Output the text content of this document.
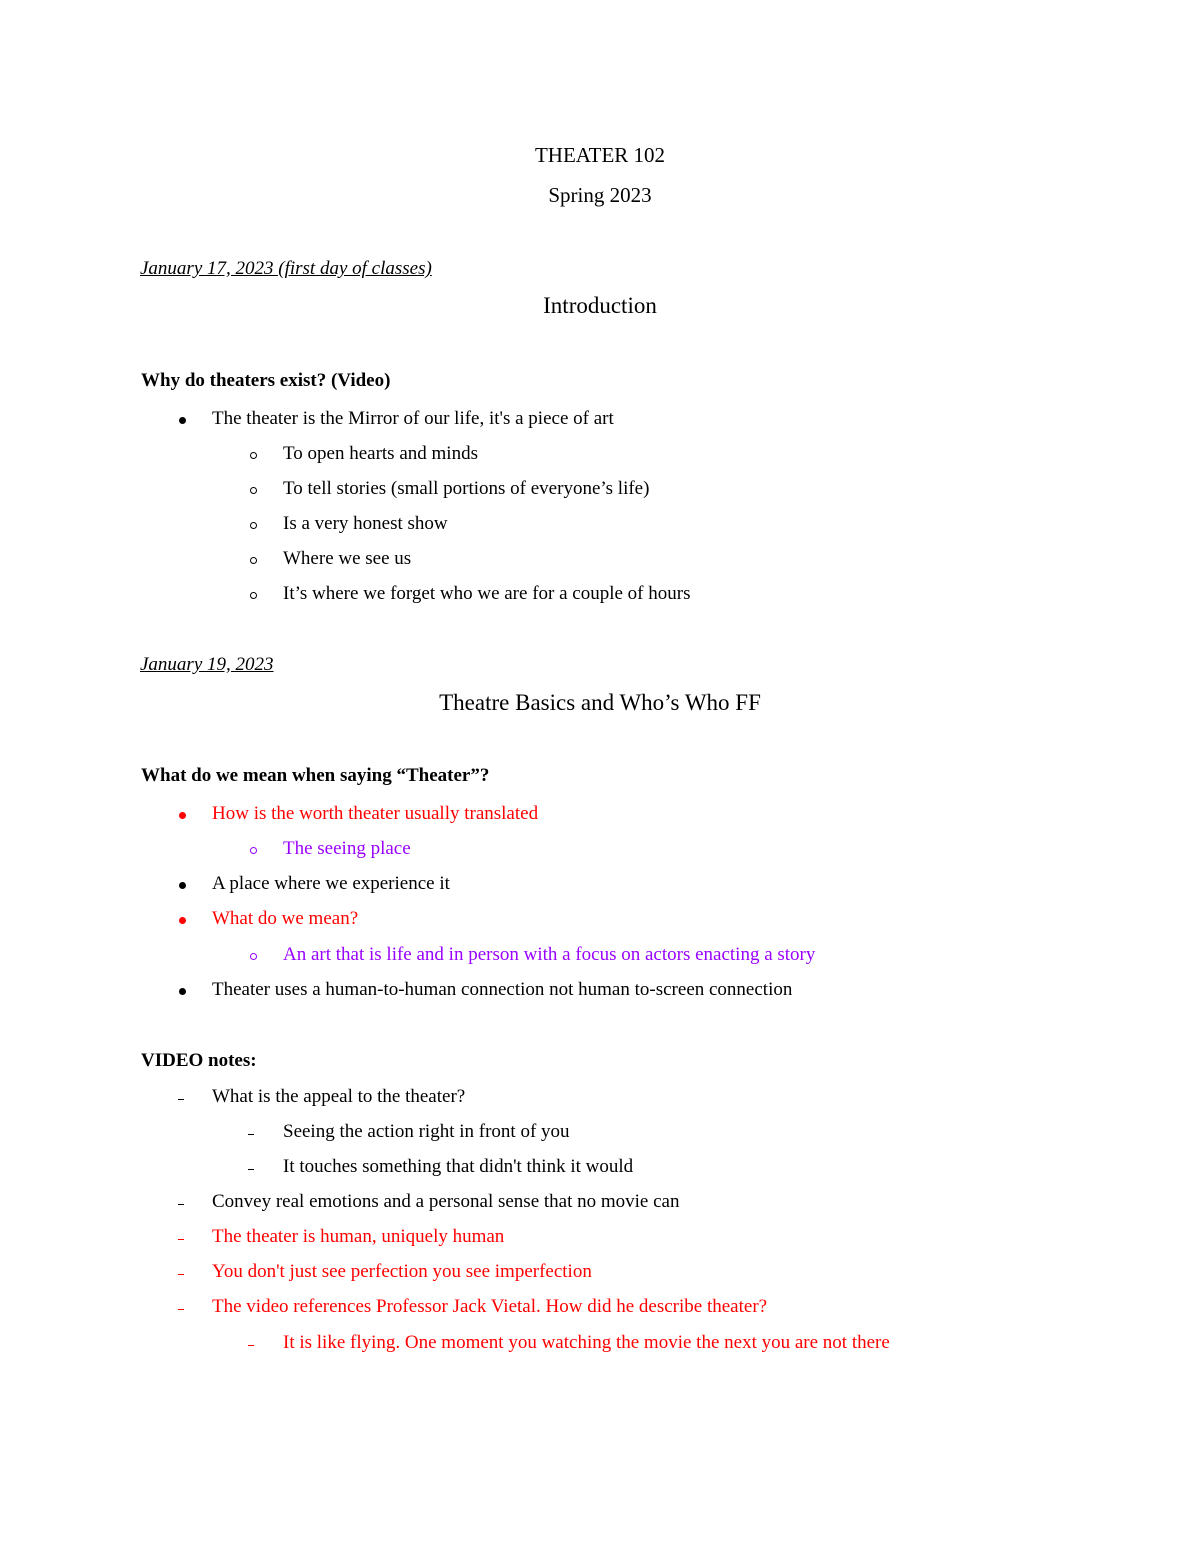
THEATER 102
Spring 2023
January 17, 2023 (first day of classes)
Introduction
Why do theaters exist? (Video)
The theater is the Mirror of our life, it's a piece of art
To open hearts and minds
To tell stories (small portions of everyone’s life)
Is a very honest show
Where we see us
It’s where we forget who we are for a couple of hours
January 19, 2023
Theatre Basics and Who’s Who FF
What do we mean when saying “Theater”?
How is the worth theater usually translated
The seeing place
A place where we experience it
What do we mean?
An art that is life and in person with a focus on actors enacting a story
Theater uses a human-to-human connection not human to-screen connection
VIDEO notes:
What is the appeal to the theater?
Seeing the action right in front of you
It touches something that didn't think it would
Convey real emotions and a personal sense that no movie can
The theater is human, uniquely human
You don't just see perfection you see imperfection
The video references Professor Jack Vietal. How did he describe theater?
It is like flying. One moment you watching the movie the next you are not there
